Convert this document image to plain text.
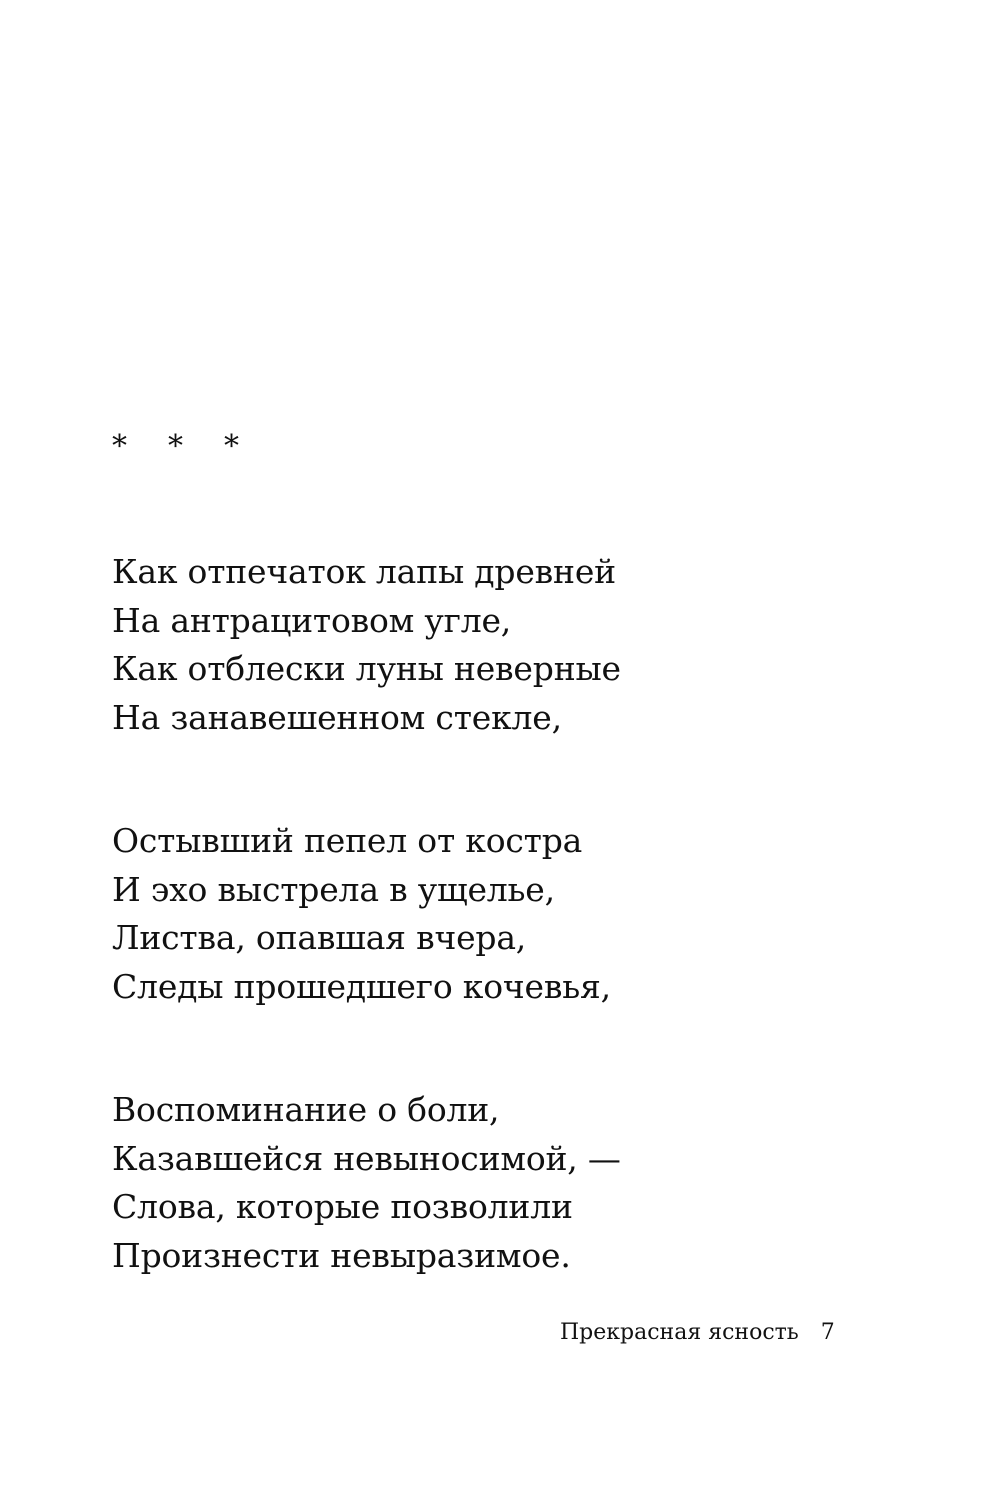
*	*	*
Как отпечаток лапы древней
На антрацитовом угле,
Как отблески луны неверные
На занавешенном стекле,
Остывший пепел от костра
И эхо выстрела в ущелье,
Листва, опавшая вчера,
Следы прошедшего кочевья,
Воспоминание о боли,
Казавшейся невыносимой, —
Слова, которые позволили
Произнести невыразимое.
Прекрасная ясность 7
